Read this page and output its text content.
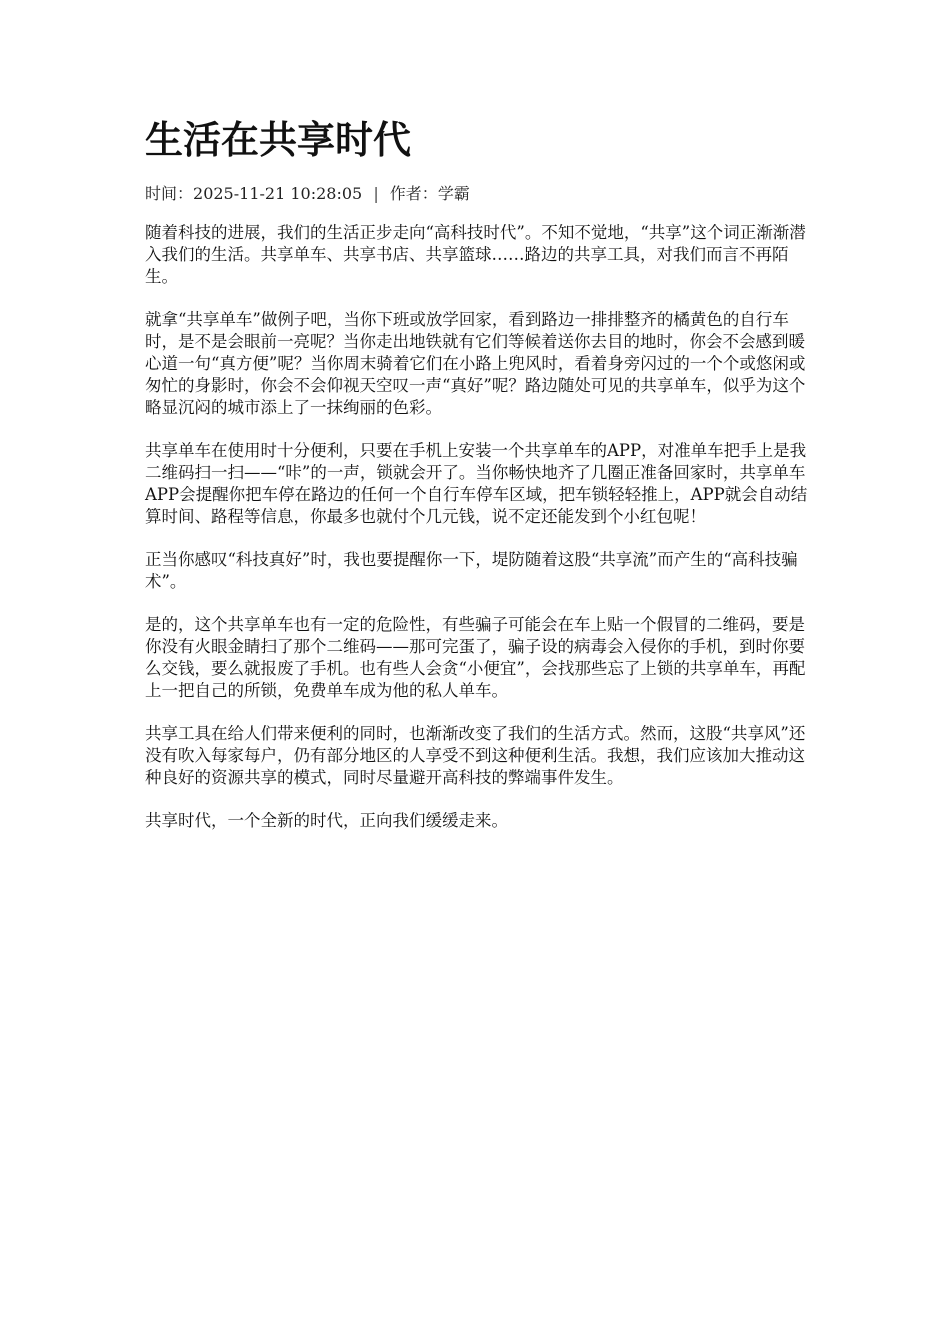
生活在共享时代
时间：2025-11-21 10:28:05 | 作者：学霸

随着科技的进展，我们的生活正步走向“高科技时代”。不知不觉地，“共享”这个词正渐渐潜入我们的生活。共享单车、共享书店、共享篮球……路边的共享工具，对我们而言不再陌生。

就拿“共享单车”做例子吧，当你下班或放学回家，看到路边一排排整齐的橘黄色的自行车时，是不是会眼前一亮呢？当你走出地铁就有它们等候着送你去目的地时，你会不会感到暖心道一句“真方便”呢？当你周末骑着它们在小路上兜风时，看着身旁闪过的一个个或悠闲或匆忙的身影时，你会不会仰视天空叹一声“真好”呢？路边随处可见的共享单车，似乎为这个略显沉闷的城市添上了一抹绚丽的色彩。

共享单车在使用时十分便利，只要在手机上安装一个共享单车的APP，对准单车把手上是我二维码扫一扫——“咔”的一声，锁就会开了。当你畅快地齐了几圈正准备回家时，共享单车APP会提醒你把车停在路边的任何一个自行车停车区域，把车锁轻轻推上，APP就会自动结算时间、路程等信息，你最多也就付个几元钱，说不定还能发到个小红包呢！

正当你感叹“科技真好”时，我也要提醒你一下，堤防随着这股“共享流”而产生的“高科技骗术”。

是的，这个共享单车也有一定的危险性，有些骗子可能会在车上贴一个假冒的二维码，要是你没有火眼金睛扫了那个二维码——那可完蛋了，骗子设的病毒会入侵你的手机，到时你要么交钱，要么就报废了手机。也有些人会贪“小便宜”，会找那些忘了上锁的共享单车，再配上一把自己的所锁，免费单车成为他的私人单车。

共享工具在给人们带来便利的同时，也渐渐改变了我们的生活方式。然而，这股“共享风”还没有吹入每家每户，仍有部分地区的人享受不到这种便利生活。我想，我们应该加大推动这种良好的资源共享的模式，同时尽量避开高科技的弊端事件发生。

共享时代，一个全新的时代，正向我们缓缓走来。
